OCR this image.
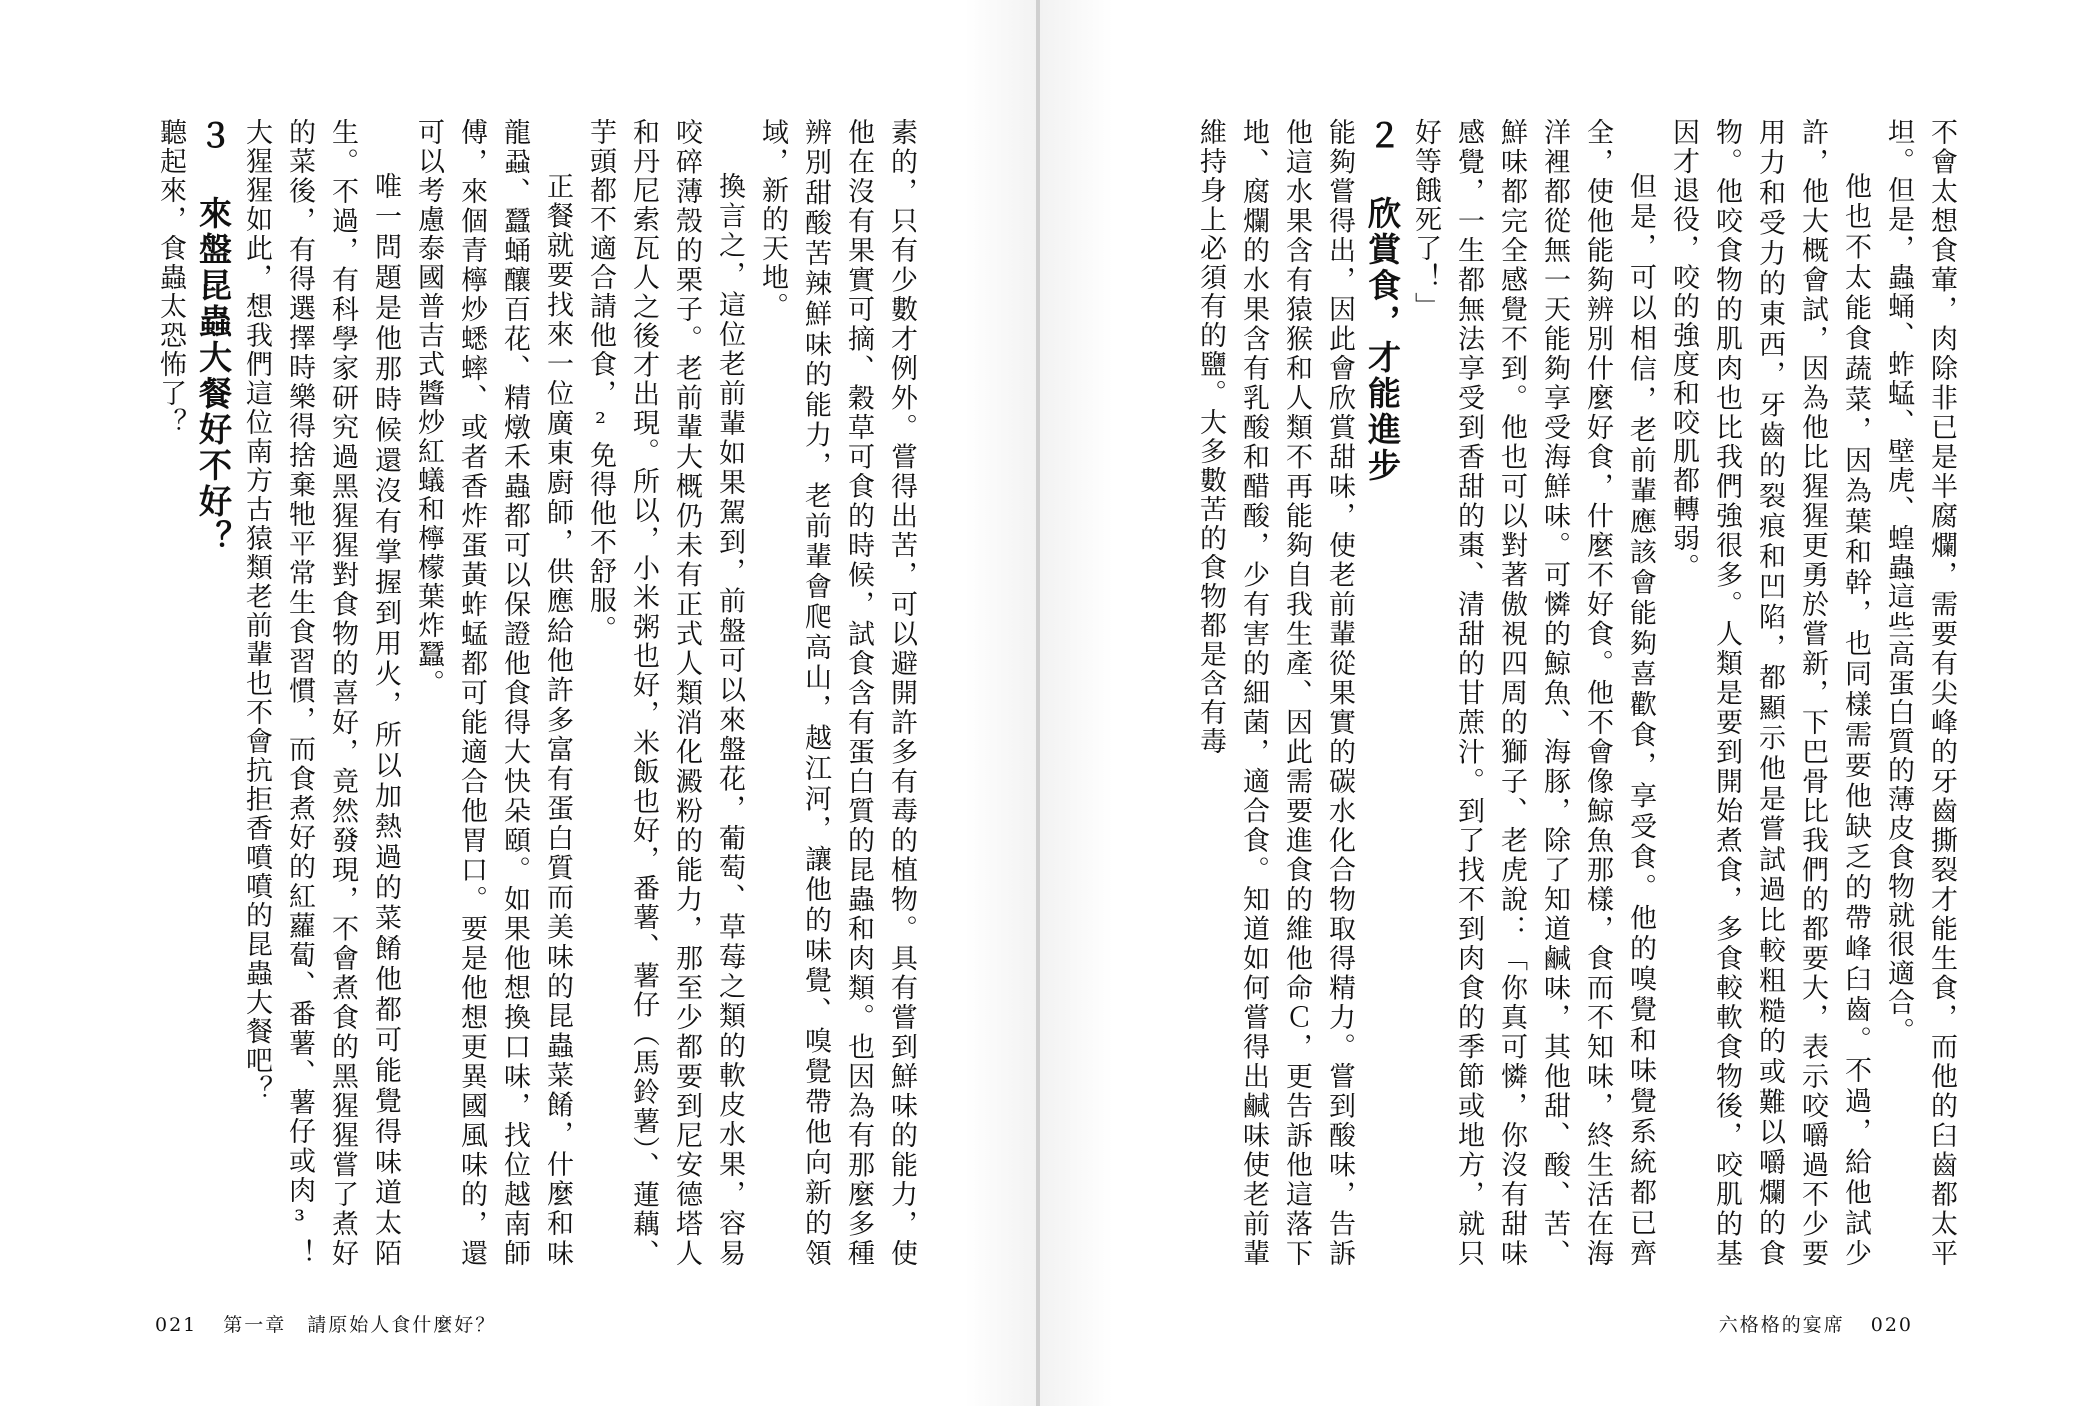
素的，只有少數才例外。嘗得出苦，可以避開許多有毒的植物。具有嘗到鮮味的能力，使他在沒有果實可摘、穀草可食的時候，試食含有蛋白質的昆蟲和肉類。也因為有那麼多種辨別甜酸苦辣鮮味的能力，老前輩會爬高山，越江河，讓他的味覺、嗅覺帶他向新的領域，新的天地。

換言之，這位老前輩如果駕到，前盤可以來盤花，葡萄、草莓之類的軟皮水果，容易咬碎薄殼的栗子。老前輩大概仍未有正式人類消化澱粉的能力，那至少都要到尼安德塔人和丹尼索瓦人之後才出現。所以，小米粥也好，米飯也好，番薯、薯仔（馬鈴薯）、蓮藕、芋頭都不適合請他食，²免得他不舒服。

正餐就要找來一位廣東廚師，供應給他許多富有蛋白質而美味的昆蟲菜餚，什麼和味龍蝨、蠶蛹釀百花、精燉禾蟲都可以保證他食得大快朵頤。如果他想換口味，找位越南師傅，來個青檸炒蟋蟀、或者香炸蛋黃蚱蜢都可能適合他胃口。要是他想更異國風味的，還可以考慮泰國普吉式醬炒紅蟻和檸檬葉炸蠶。

唯一問題是他那時候還沒有掌握到用火，所以加熱過的菜餚他都可能覺得味道太陌生。不過，有科學家研究過黑猩猩對食物的喜好，竟然發現，不會煮食的黑猩猩嘗了煮好的菜後，有得選擇時樂得捨棄牠平常生食習慣，而食煮好的紅蘿蔔、番薯、薯仔或肉³！大猩猩如此，想我們這位南方古猿類老前輩也不會抗拒香噴噴的昆蟲大餐吧？

３ 來盤昆蟲大餐好不好？

聽起來，食蟲太恐怖了？

021 第一章　請原始人食什麼好？

不會太想食葷，肉除非已是半腐爛，需要有尖峰的牙齒撕裂才能生食，而他的臼齒都太平坦。但是，蟲蛹、蚱蜢、壁虎、蝗蟲這些高蛋白質的薄皮食物就很適合。

他也不太能食蔬菜，因為葉和幹，也同樣需要他缺乏的帶峰臼齒。不過，給他試少許，他大概會試，因為他比猩猩更勇於嘗新，下巴骨比我們的都要大，表示咬嚼過不少要用力和受力的東西，牙齒的裂痕和凹陷，都顯示他是嘗試過比較粗糙的或難以嚼爛的食物。他咬食物的肌肉也比我們強很多。人類是要到開始煮食，多食較軟食物後，咬肌的基因才退役，咬的強度和咬肌都轉弱。

但是，可以相信，老前輩應該會能夠喜歡食，享受食。他的嗅覺和味覺系統都已齊全，使他能夠辨別什麼好食，什麼不好食。他不會像鯨魚那樣，食而不知味，終生活在海洋裡都從無一天能夠享受海鮮味。可憐的鯨魚、海豚，除了知道鹹味，其他甜、酸、苦、鮮味都完全感覺不到。他也可以對著傲視四周的獅子、老虎說：「你真可憐，你沒有甜味感覺，一生都無法享受到香甜的棗、清甜的甘蔗汁。到了找不到肉食的季節或地方，就只好等餓死了！」

２ 欣賞食，才能進步

能夠嘗得出，因此會欣賞甜味，使老前輩從果實的碳水化合物取得精力。嘗到酸味，告訴他這水果含有猿猴和人類不再能夠自我生產、因此需要進食的維他命Ｃ，更告訴他這落下地、腐爛的水果含有乳酸和醋酸，少有害的細菌，適合食。知道如何嘗得出鹹味使老前輩維持身上必須有的鹽。大多數苦的食物都是含有毒

六格格的宴席 020
